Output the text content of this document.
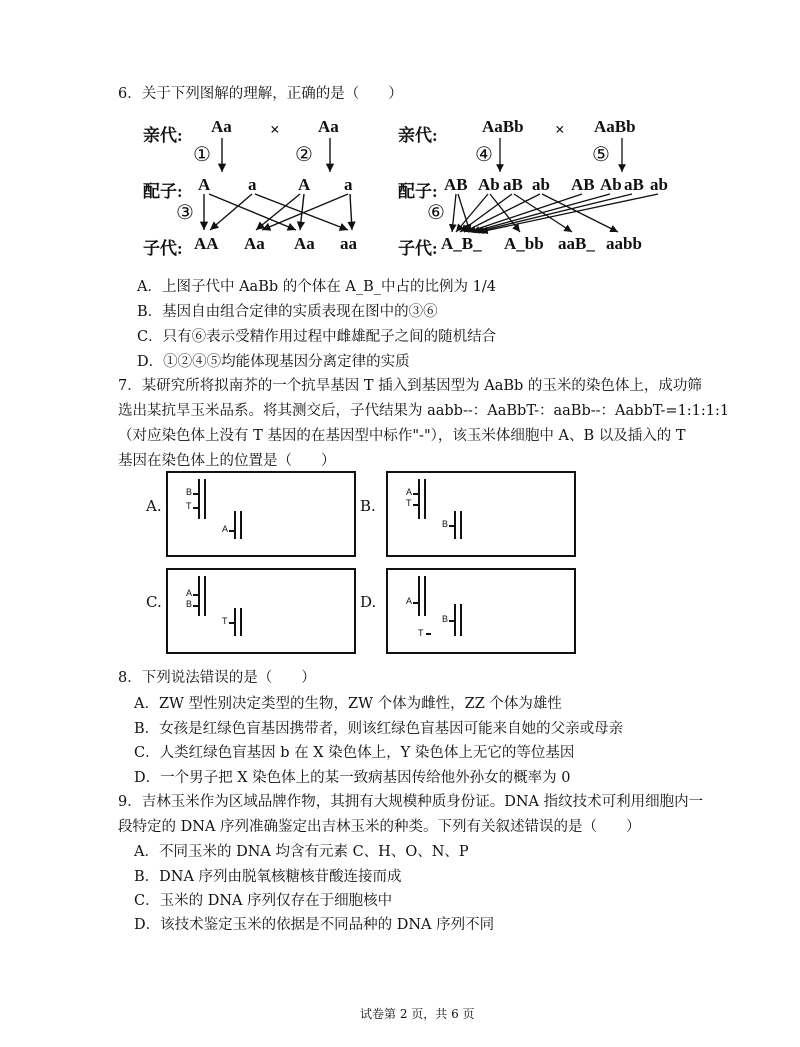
6．关于下列图解的理解，正确的是（　　）
亲代: Aa × Aa
①	②
配子: A a A a
③
子代: AA Aa Aa aa
亲代:	AaBb × AaBb
④	⑤
配子: AB Ab aB ab AB Ab aB ab
⑥
子代: A_B_ A_bb aaB_ aabb
A．上图子代中 AaBb 的个体在 A_B_中占的比例为 1/4
B．基因自由组合定律的实质表现在图中的③⑥
C．只有⑥表示受精作用过程中雌雄配子之间的随机结合
D．①②④⑤均能体现基因分离定律的实质
7．某研究所将拟南芥的一个抗旱基因 T 插入到基因型为 AaBb 的玉米的染色体上，成功筛
选出某抗旱玉米品系。将其测交后，子代结果为 aabb--：AaBbT-：aaBb--：AabbT-=1:1:1:1
（对应染色体上没有 T 基因的在基因型中标作"-"），该玉米体细胞中 A、B 以及插入的 T
基因在染色体上的位置是（　　）
A.
B
T
A
B.
A
T
B
C.	A
B
T
D.	A
B
T
8．下列说法错误的是（　　）
A．ZW 型性别决定类型的生物，ZW 个体为雌性，ZZ 个体为雄性
B．女孩是红绿色盲基因携带者，则该红绿色盲基因可能来自她的父亲或母亲
C．人类红绿色盲基因 b 在 X 染色体上，Y 染色体上无它的等位基因
D．一个男子把 X 染色体上的某一致病基因传给他外孙女的概率为 0
9．吉林玉米作为区域品牌作物，其拥有大规模种质身份证。DNA 指纹技术可利用细胞内一
段特定的 DNA 序列准确鉴定出吉林玉米的种类。下列有关叙述错误的是（　　）
A．不同玉米的 DNA 均含有元素 C、H、O、N、P
B．DNA 序列由脱氧核糖核苷酸连接而成
C．玉米的 DNA 序列仅存在于细胞核中
D．该技术鉴定玉米的依据是不同品种的 DNA 序列不同
试卷第 2 页，共 6 页
